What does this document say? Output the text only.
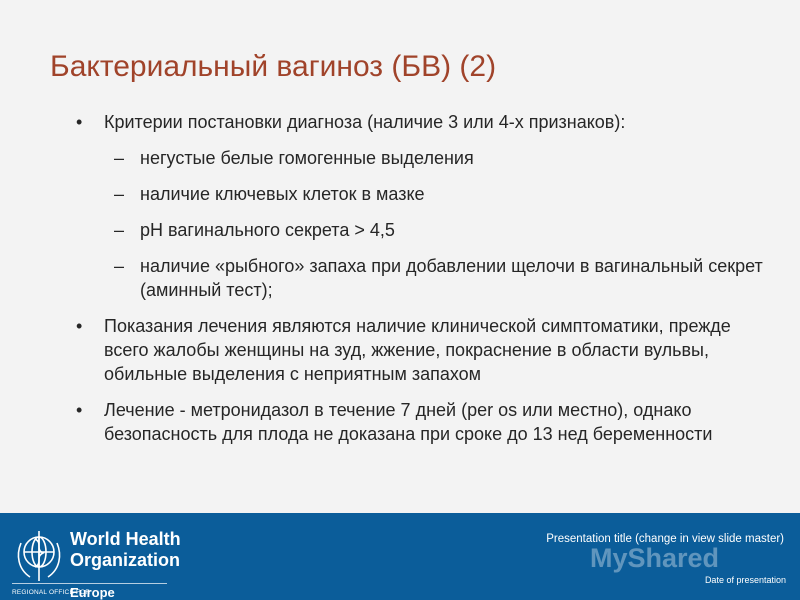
Бактериальный вагиноз (БВ) (2)
• Критерии постановки диагноза (наличие 3 или 4-х признаков):
– негустые белые гомогенные выделения
– наличие ключевых клеток в мазке
– рН вагинального секрета > 4,5
– наличие «рыбного» запаха при добавлении щелочи в вагинальный секрет (аминный тест);
• Показания лечения являются наличие клинической симптоматики, прежде всего жалобы женщины на зуд, жжение, покраснение в области вульвы, обильные выделения с неприятным запахом
• Лечение - метронидазол в течение 7 дней (per os или местно), однако безопасность для плода не доказана при сроке до 13 нед беременности
World Health
Organization
REGIONAL OFFICE FOR
Europe
MyShared
Presentation title (change in view slide master)
Date of presentation
